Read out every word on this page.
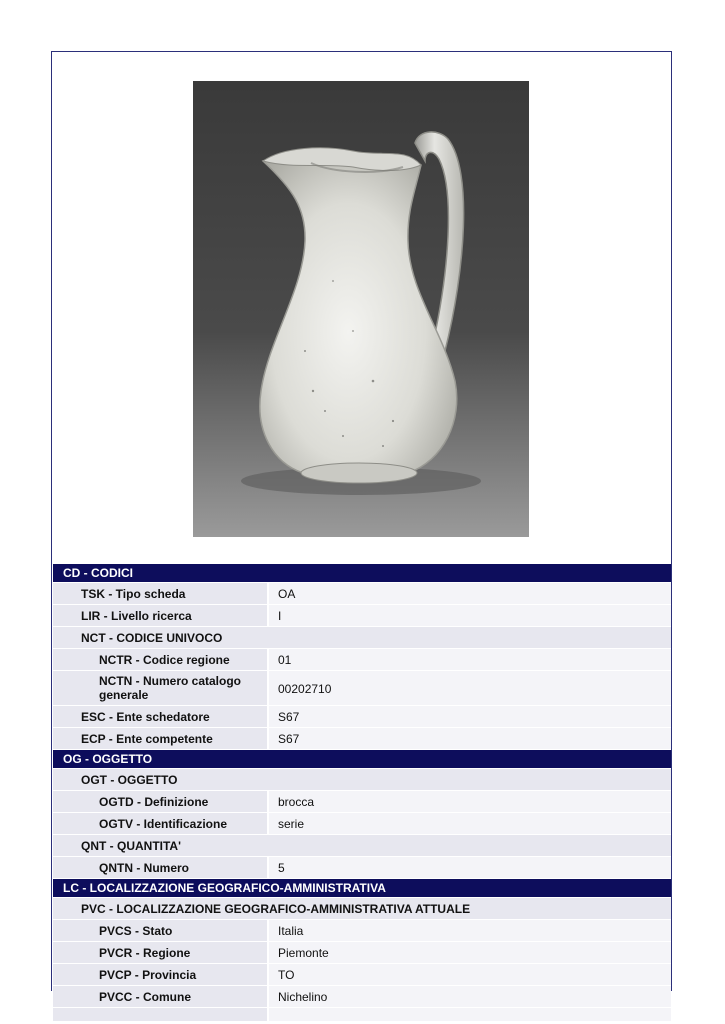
CD - CODICI
TSK - Tipo scheda	OA
LIR - Livello ricerca	I
NCT - CODICE UNIVOCO
NCTR - Codice regione	01
NCTN - Numero catalogo generale	00202710
ESC - Ente schedatore	S67
ECP - Ente competente	S67
OG - OGGETTO
OGT - OGGETTO
OGTD - Definizione	brocca
OGTV - Identificazione	serie
QNT - QUANTITA'
QNTN - Numero	5
LC - LOCALIZZAZIONE GEOGRAFICO-AMMINISTRATIVA
PVC - LOCALIZZAZIONE GEOGRAFICO-AMMINISTRATIVA ATTUALE
PVCS - Stato	Italia
PVCR - Regione	Piemonte
PVCP - Provincia	TO
PVCC - Comune	Nichelino
